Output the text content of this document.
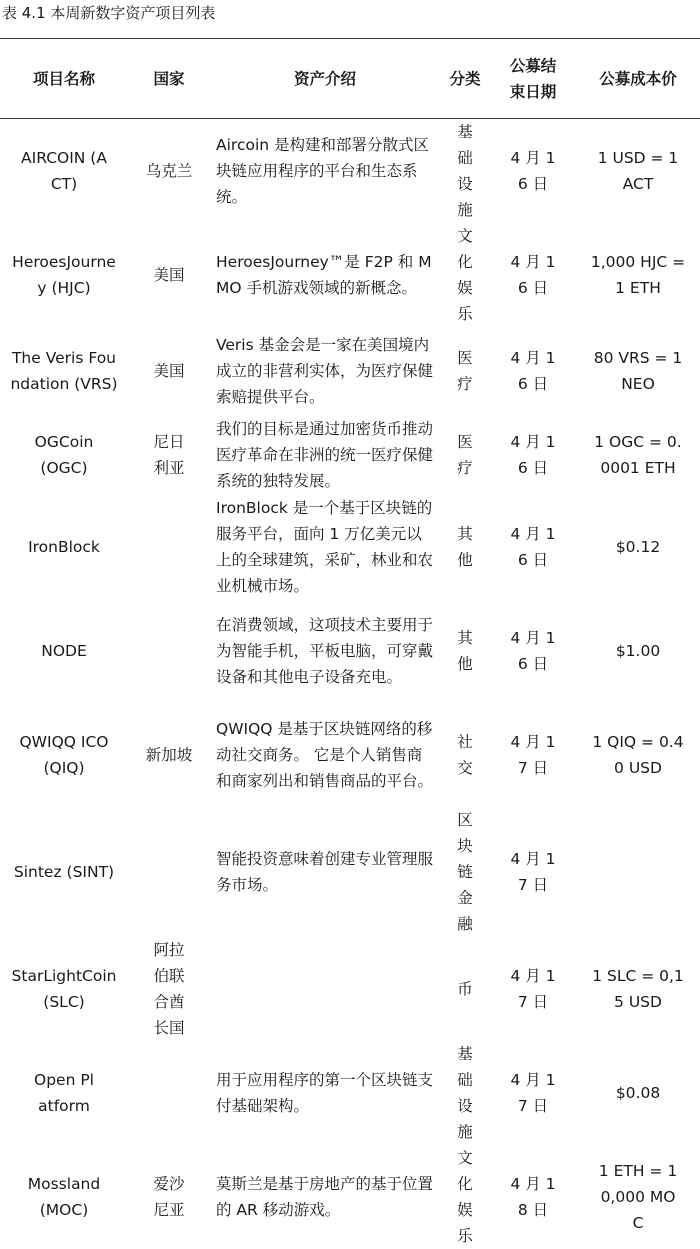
表 4.1 本周新数字资产项目列表
项目名称	国家	资产介绍	分类	公募结束日期	公募成本价
AIRCOIN (ACT)	乌克兰	Aircoin 是构建和部署分散式区块链应用程序的平台和生态系统。	基础设施	4 月 16 日	1 USD = 1 ACT
HeroesJourney (HJC)	美国	HeroesJourney™是 F2P 和 MMO 手机游戏领域的新概念。	文化娱乐	4 月 16 日	1,000 HJC = 1 ETH
The Veris Foundation (VRS)	美国	Veris 基金会是一家在美国境内成立的非营利实体，为医疗保健索赔提供平台。	医疗	4 月 16 日	80 VRS = 1 NEO
OGCoin (OGC)	尼日利亚	我们的目标是通过加密货币推动医疗革命在非洲的统一医疗保健系统的独特发展。	医疗	4 月 16 日	1 OGC = 0.0001 ETH
IronBlock		IronBlock 是一个基于区块链的服务平台，面向 1 万亿美元以上的全球建筑，采矿，林业和农业机械市场。	其他	4 月 16 日	$0.12
NODE		在消费领域，这项技术主要用于为智能手机，平板电脑，可穿戴设备和其他电子设备充电。	其他	4 月 16 日	$1.00
QWIQQ ICO (QIQ)	新加坡	QWIQQ 是基于区块链网络的移动社交商务。 它是个人销售商和商家列出和销售商品的平台。	社交	4 月 17 日	1 QIQ = 0.40 USD
Sintez (SINT)		智能投资意味着创建专业管理服务市场。	区块链金融	4 月 17 日	
StarLightCoin (SLC)	阿拉伯联合酋长国		币	4 月 17 日	1 SLC = 0,15 USD
Open Platform		用于应用程序的第一个区块链支付基础架构。	基础设施	4 月 17 日	$0.08
Mossland (MOC)	爱沙尼亚	莫斯兰是基于房地产的基于位置的 AR 移动游戏。	文化娱乐	4 月 18 日	1 ETH = 10,000 MOC
